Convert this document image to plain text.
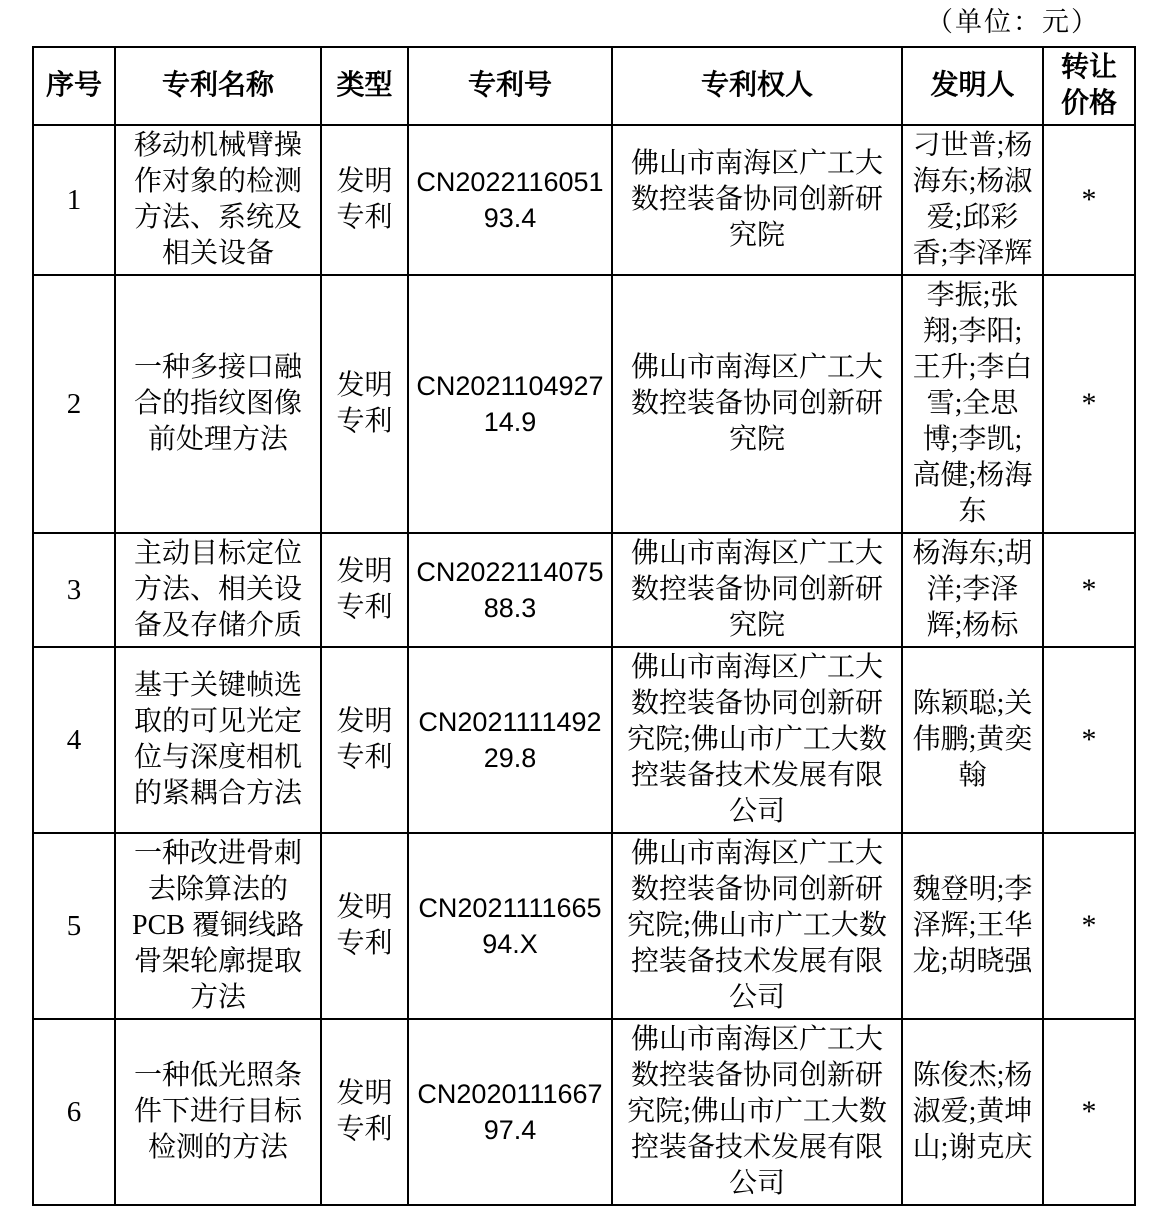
（单位：元）
序号	专利名称	类型	专利号	专利权人	发明人	转让价格
1	移动机械臂操作对象的检测方法、系统及相关设备	发明专利	CN202211605193.4	佛山市南海区广工大数控装备协同创新研究院	刁世普;杨海东;杨淑爱;邱彩香;李泽辉	*
2	一种多接口融合的指纹图像前处理方法	发明专利	CN202110492714.9	佛山市南海区广工大数控装备协同创新研究院	李振;张翔;李阳;王升;李白雪;全思博;李凯;高健;杨海东	*
3	主动目标定位方法、相关设备及存储介质	发明专利	CN202211407588.3	佛山市南海区广工大数控装备协同创新研究院	杨海东;胡洋;李泽辉;杨标	*
4	基于关键帧选取的可见光定位与深度相机的紧耦合方法	发明专利	CN202111149229.8	佛山市南海区广工大数控装备协同创新研究院;佛山市广工大数控装备技术发展有限公司	陈颖聪;关伟鹏;黄奕翰	*
5	一种改进骨刺去除算法的 PCB 覆铜线路骨架轮廓提取方法	发明专利	CN202111166594.X	佛山市南海区广工大数控装备协同创新研究院;佛山市广工大数控装备技术发展有限公司	魏登明;李泽辉;王华龙;胡晓强	*
6	一种低光照条件下进行目标检测的方法	发明专利	CN202011166797.4	佛山市南海区广工大数控装备协同创新研究院;佛山市广工大数控装备技术发展有限公司	陈俊杰;杨淑爱;黄坤山;谢克庆	*
